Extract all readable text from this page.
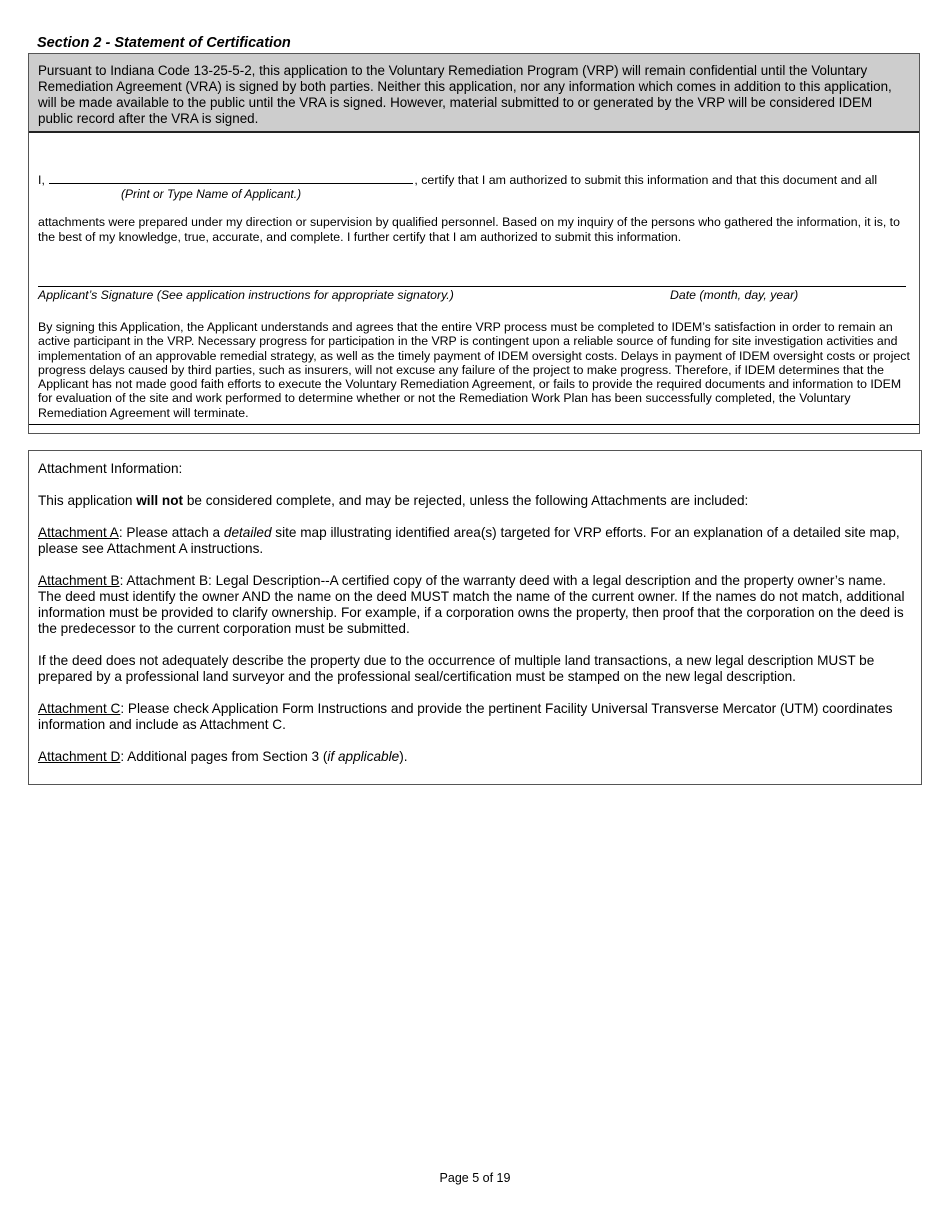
Section 2 - Statement of Certification
Pursuant to Indiana Code 13-25-5-2, this application to the Voluntary Remediation Program (VRP) will remain confidential until the Voluntary Remediation Agreement (VRA) is signed by both parties. Neither this application, nor any information which comes in addition to this application, will be made available to the public until the VRA is signed. However, material submitted to or generated by the VRP will be considered IDEM public record after the VRA is signed.
I,	, certify that I am authorized to submit this information and that this document and all
(Print or Type Name of Applicant.)

attachments were prepared under my direction or supervision by qualified personnel. Based on my inquiry of the persons who gathered the information, it is, to the best of my knowledge, true, accurate, and complete. I further certify that I am authorized to submit this information.

Applicant’s Signature (See application instructions for appropriate signatory.)	Date (month, day, year)

By signing this Application, the Applicant understands and agrees that the entire VRP process must be completed to IDEM’s satisfaction in order to remain an active participant in the VRP. Necessary progress for participation in the VRP is contingent upon a reliable source of funding for site investigation activities and implementation of an approvable remedial strategy, as well as the timely payment of IDEM oversight costs. Delays in payment of IDEM oversight costs or project progress delays caused by third parties, such as insurers, will not excuse any failure of the project to make progress. Therefore, if IDEM determines that the Applicant has not made good faith efforts to execute the Voluntary Remediation Agreement, or fails to provide the required documents and information to IDEM for evaluation of the site and work performed to determine whether or not the Remediation Work Plan has been successfully completed, the Voluntary Remediation Agreement will terminate.

Attachment Information:

This application will not be considered complete, and may be rejected, unless the following Attachments are included:

Attachment A: Please attach a detailed site map illustrating identified area(s) targeted for VRP efforts. For an explanation of a detailed site map, please see Attachment A instructions.

Attachment B: Attachment B: Legal Description--A certified copy of the warranty deed with a legal description and the property owner’s name. The deed must identify the owner AND the name on the deed MUST match the name of the current owner. If the names do not match, additional information must be provided to clarify ownership. For example, if a corporation owns the property, then proof that the corporation on the deed is the predecessor to the current corporation must be submitted.

If the deed does not adequately describe the property due to the occurrence of multiple land transactions, a new legal description MUST be prepared by a professional land surveyor and the professional seal/certification must be stamped on the new legal description.

Attachment C: Please check Application Form Instructions and provide the pertinent Facility Universal Transverse Mercator (UTM) coordinates information and include as Attachment C.

Attachment D: Additional pages from Section 3 (if applicable).

Page 5 of 19
